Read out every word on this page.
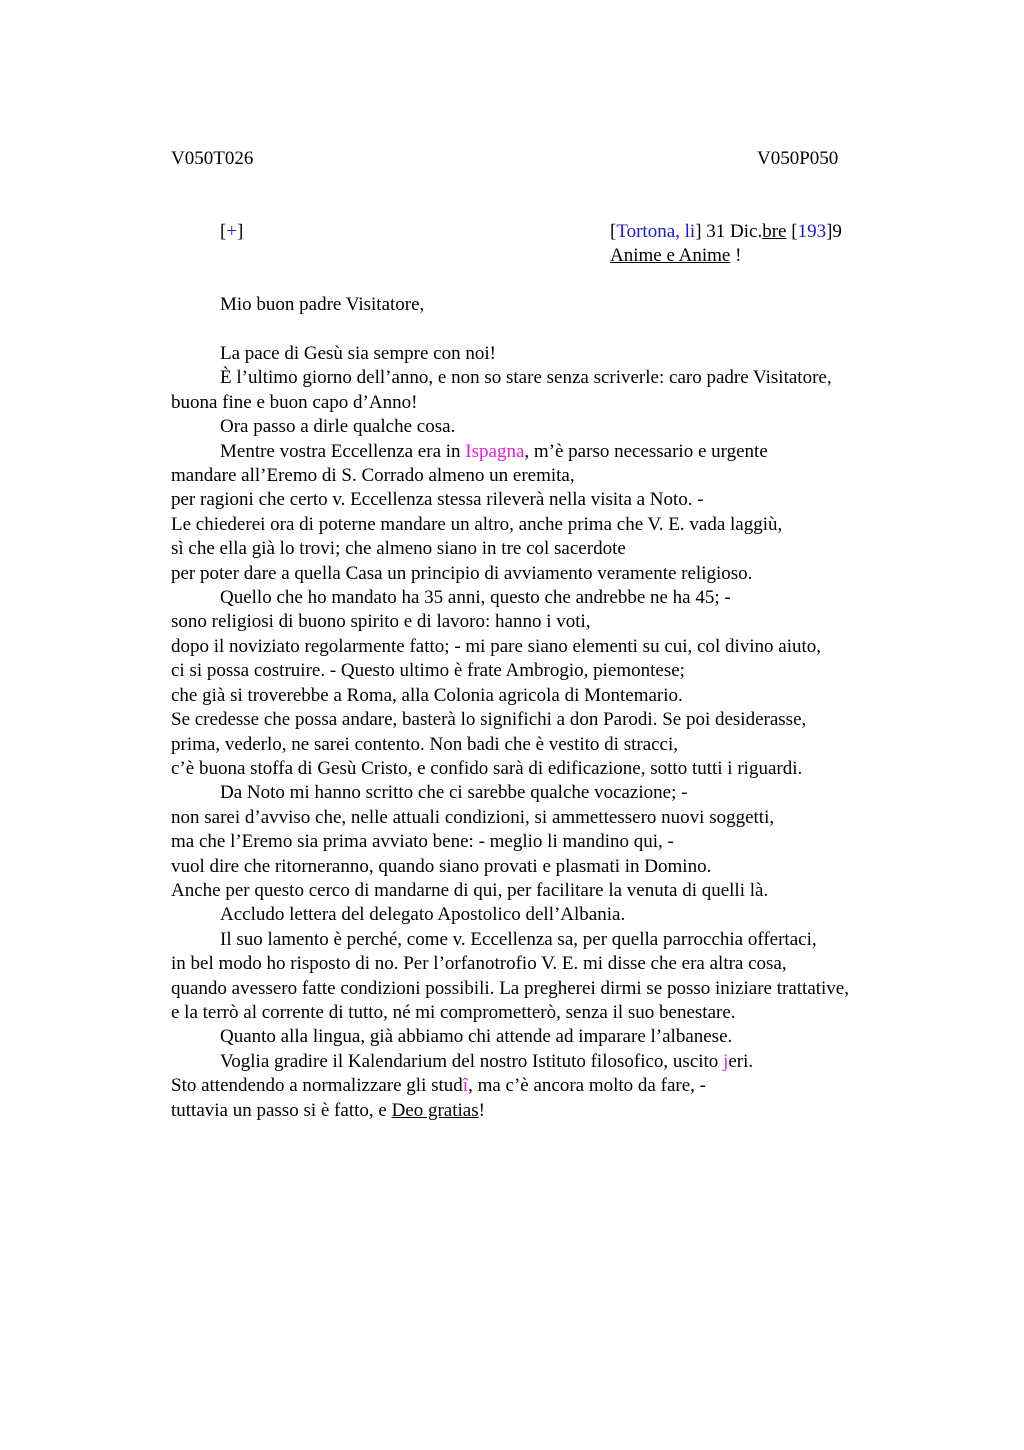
V050T026	V050P050
[+]	[Tortona, li] 31 Dic.bre [193]9
Anime e Anime !
Mio buon padre Visitatore,

La pace di Gesù sia sempre con noi!

È l’ultimo giorno dell’anno, e non so stare senza scriverle: caro padre Visitatore,

buona fine e buon capo d’Anno!

Ora passo a dirle qualche cosa.

Mentre vostra Eccellenza era in Ispagna, m’è parso necessario e urgente

mandare all’Eremo di S. Corrado almeno un eremita,

per ragioni che certo v. Eccellenza stessa rileverà nella visita a Noto. -

Le chiederei ora di poterne mandare un altro, anche prima che V. E. vada laggiù,

sì che ella già lo trovi; che almeno siano in tre col sacerdote

per poter dare a quella Casa un principio di avviamento veramente religioso.

Quello che ho mandato ha 35 anni, questo che andrebbe ne ha 45; -

sono religiosi di buono spirito e di lavoro: hanno i voti,

dopo il noviziato regolarmente fatto; - mi pare siano elementi su cui, col divino aiuto,

ci si possa costruire. - Questo ultimo è frate Ambrogio, piemontese;

che già si troverebbe a Roma, alla Colonia agricola di Montemario.

Se credesse che possa andare, basterà lo significhi a don Parodi. Se poi desiderasse,

prima, vederlo, ne sarei contento. Non badi che è vestito di stracci,

c’è buona stoffa di Gesù Cristo, e confido sarà di edificazione, sotto tutti i riguardi.

Da Noto mi hanno scritto che ci sarebbe qualche vocazione; -

non sarei d’avviso che, nelle attuali condizioni, si ammettessero nuovi soggetti,

ma che l’Eremo sia prima avviato bene: - meglio li mandino qui, -

vuol dire che ritorneranno, quando siano provati e plasmati in Domino.

Anche per questo cerco di mandarne di qui, per facilitare la venuta di quelli là.

Accludo lettera del delegato Apostolico dell’Albania.

Il suo lamento è perché, come v. Eccellenza sa, per quella parrocchia offertaci,

in bel modo ho risposto di no. Per l’orfanotrofio V. E. mi disse che era altra cosa,

quando avessero fatte condizioni possibili. La pregherei dirmi se posso iniziare trattative,

e la terrò al corrente di tutto, né mi comprometterò, senza il suo benestare.

Quanto alla lingua, già abbiamo chi attende ad imparare l’albanese.

Voglia gradire il Kalendarium del nostro Istituto filosofico, uscito jeri.

Sto attendendo a normalizzare gli studî, ma c’è ancora molto da fare, -

tuttavia un passo si è fatto, e Deo gratias!
